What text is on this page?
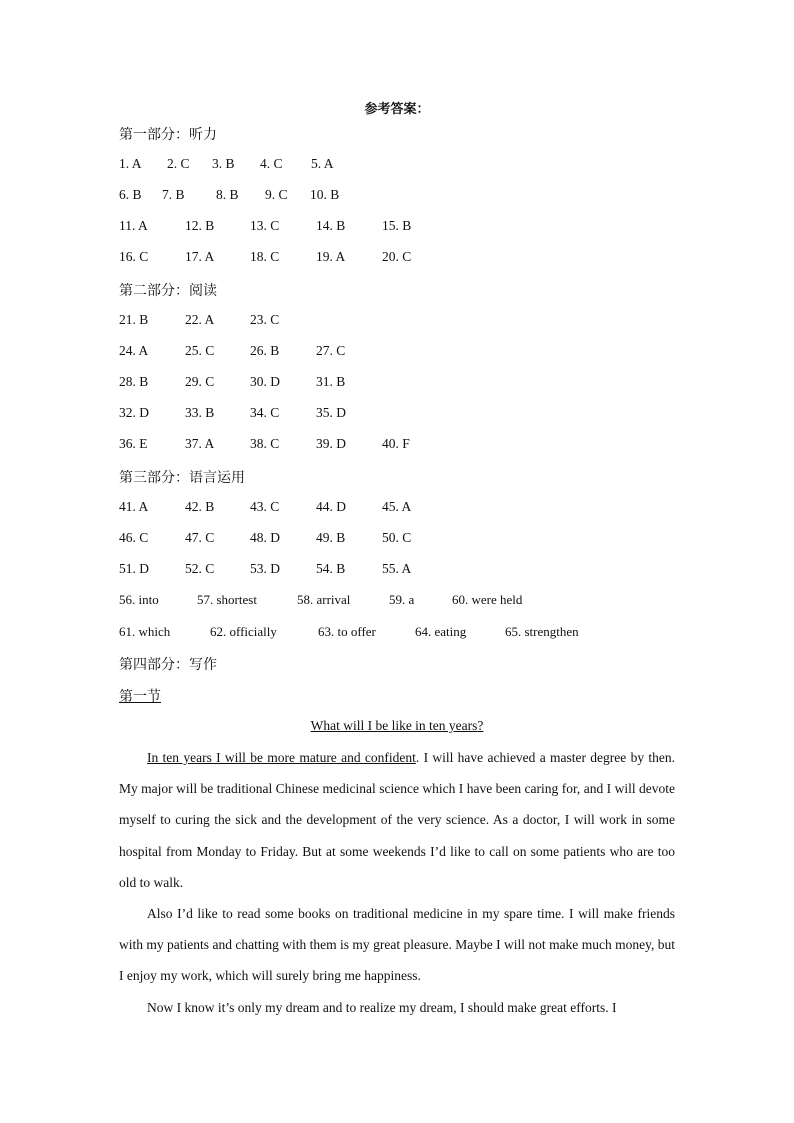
参考答案：
第一部分：听力
1. A 2. C 3. B 4. C 5. A
6. B 7. B 8. B 9. C 10. B
11. A	12. B	13. C	14. B	15. B
16. C	17. A	18. C	19. A	20. C
第二部分：阅读
21. B	22. A	23. C
24. A	25. C	26. B	27. C
28. B	29. C	30. D	31. B
32. D	33. B	34. C	35. D
36. E	37. A	38. C	39. D	40. F
第三部分：语言运用
41. A	42. B	43. C	44. D	45. A
46. C	47. C	48. D	49. B	50. C
51. D	52. C	53. D	54. B	55. A
56. into	57. shortest	58. arrival	59. a	60. were held
61. which	62. officially	63. to offer	64. eating	65. strengthen
第四部分：写作
第一节
What will I be like in ten years?

In ten years I will be more mature and confident. I will have achieved a master degree by then. My major will be traditional Chinese medicinal science which I have been caring for, and I will devote myself to curing the sick and the development of the very science. As a doctor, I will work in some hospital from Monday to Friday. But at some weekends I’d like to call on some patients who are too old to walk.

Also I’d like to read some books on traditional medicine in my spare time. I will make friends with my patients and chatting with them is my great pleasure. Maybe I will not make much money, but I enjoy my work, which will surely bring me happiness.

Now I know it’s only my dream and to realize my dream, I should make great efforts. I
